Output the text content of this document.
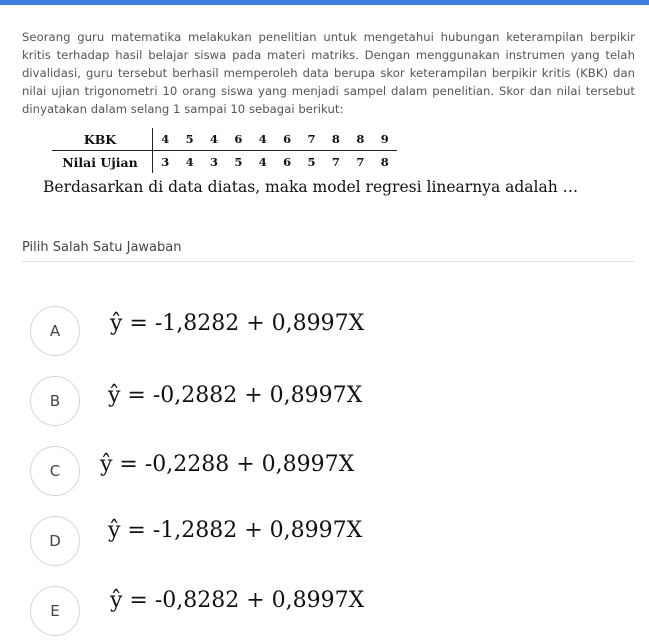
Seorang guru matematika melakukan penelitian untuk mengetahui hubungan keterampilan berpikir kritis terhadap hasil belajar siswa pada materi matriks. Dengan menggunakan instrumen yang telah divalidasi, guru tersebut berhasil memperoleh data berupa skor keterampilan berpikir kritis (KBK) dan nilai ujian trigonometri 10 orang siswa yang menjadi sampel dalam penelitian. Skor dan nilai tersebut dinyatakan dalam selang 1 sampai 10 sebagai berikut:
KBK	4	5	4	6	4	6	7	8	8	9
Nilai Ujian	3	4	3	5	4	6	5	7	7	8
Berdasarkan di data diatas, maka model regresi linearnya adalah …
Pilih Salah Satu Jawaban
A	ŷ = -1,8282 + 0,8997X
B	ŷ = -0,2882 + 0,8997X
C	ŷ = -0,2288 + 0,8997X
D	ŷ = -1,2882 + 0,8997X
E	ŷ = -0,8282 + 0,8997X
